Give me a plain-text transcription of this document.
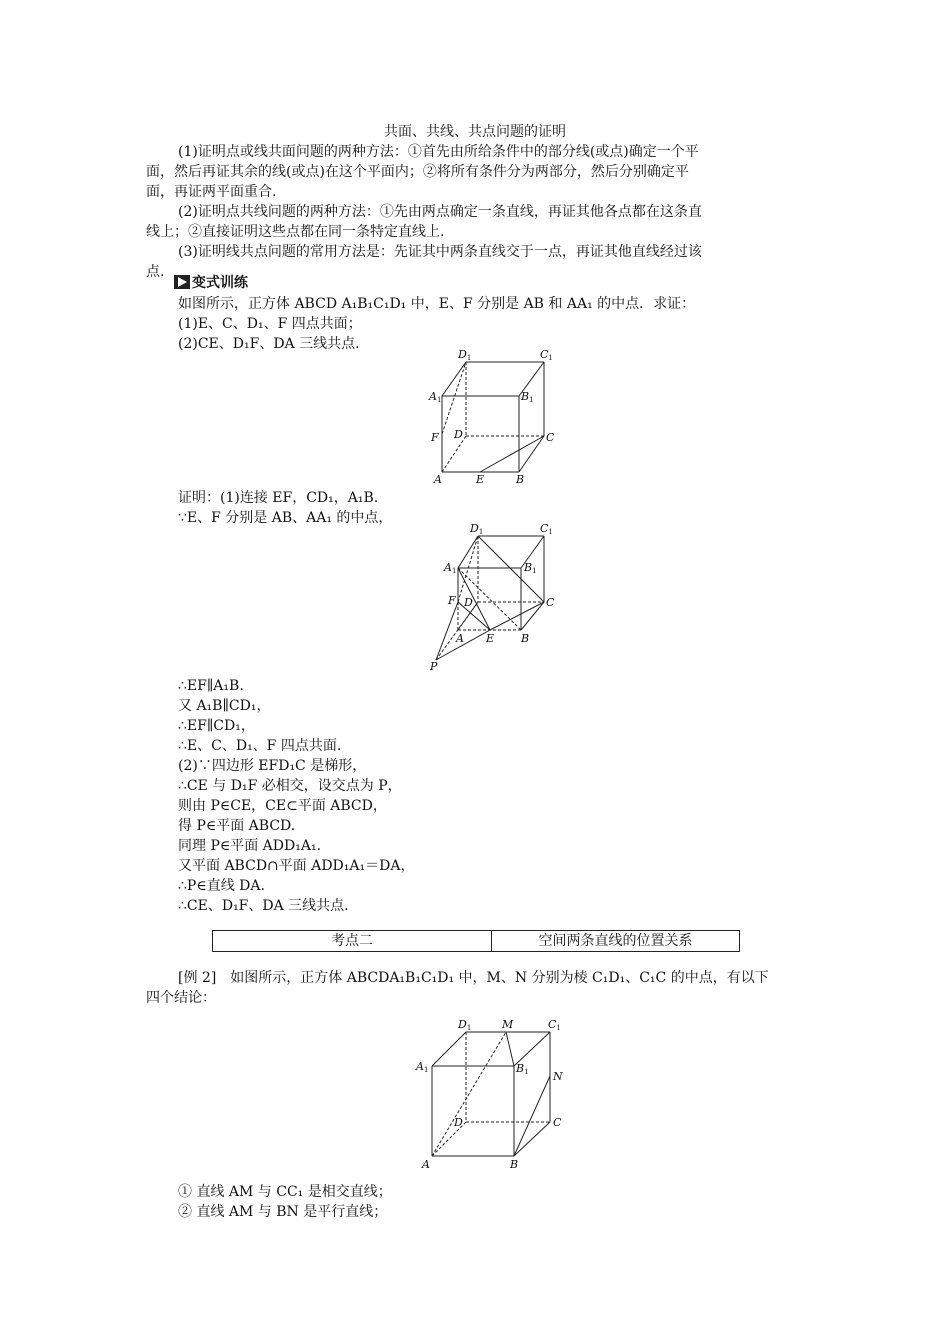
共面、共线、共点问题的证明
(1)证明点或线共面问题的两种方法：①首先由所给条件中的部分线(或点)确定一个平
面，然后再证其余的线(或点)在这个平面内；②将所有条件分为两部分，然后分别确定平
面，再证两平面重合.
(2)证明点共线问题的两种方法：①先由两点确定一条直线，再证其他各点都在这条直
线上；②直接证明这些点都在同一条特定直线上.
(3)证明线共点问题的常用方法是：先证其中两条直线交于一点，再证其他直线经过该
点.
变式训练
如图所示，正方体 ABCD A₁B₁C₁D₁ 中，E、F 分别是 AB 和 AA₁ 的中点．求证：
(1)E、C、D₁、F 四点共面；
(2)CE、D₁F、DA 三线共点.
D1	C1
A1	B1
F D	C
A	E	B
证明：(1)连接 EF，CD₁，A₁B.
∵E、F 分别是 AB、AA₁ 的中点，
D1	C1
A1	B1
F D	C
A E B
P
∴EF∥A₁B.
又 A₁B∥CD₁，
∴EF∥CD₁，
∴E、C、D₁、F 四点共面.
(2)∵四边形 EFD₁C 是梯形，
∴CE 与 D₁F 必相交，设交点为 P，
则由 P∈CE，CE⊂平面 ABCD，
得 P∈平面 ABCD.
同理 P∈平面 ADD₁A₁.
又平面 ABCD∩平面 ADD₁A₁＝DA，
∴P∈直线 DA.
∴CE、D₁F、DA 三线共点.
考点二	空间两条直线的位置关系
[例 2]　如图所示，正方体 ABCDA₁B₁C₁D₁ 中，M、N 分别为棱 C₁D₁、C₁C 的中点，有以下
四个结论：
D1	M	C1
A1	B1 N
D	C
A	B
① 直线 AM 与 CC₁ 是相交直线；
② 直线 AM 与 BN 是平行直线；
